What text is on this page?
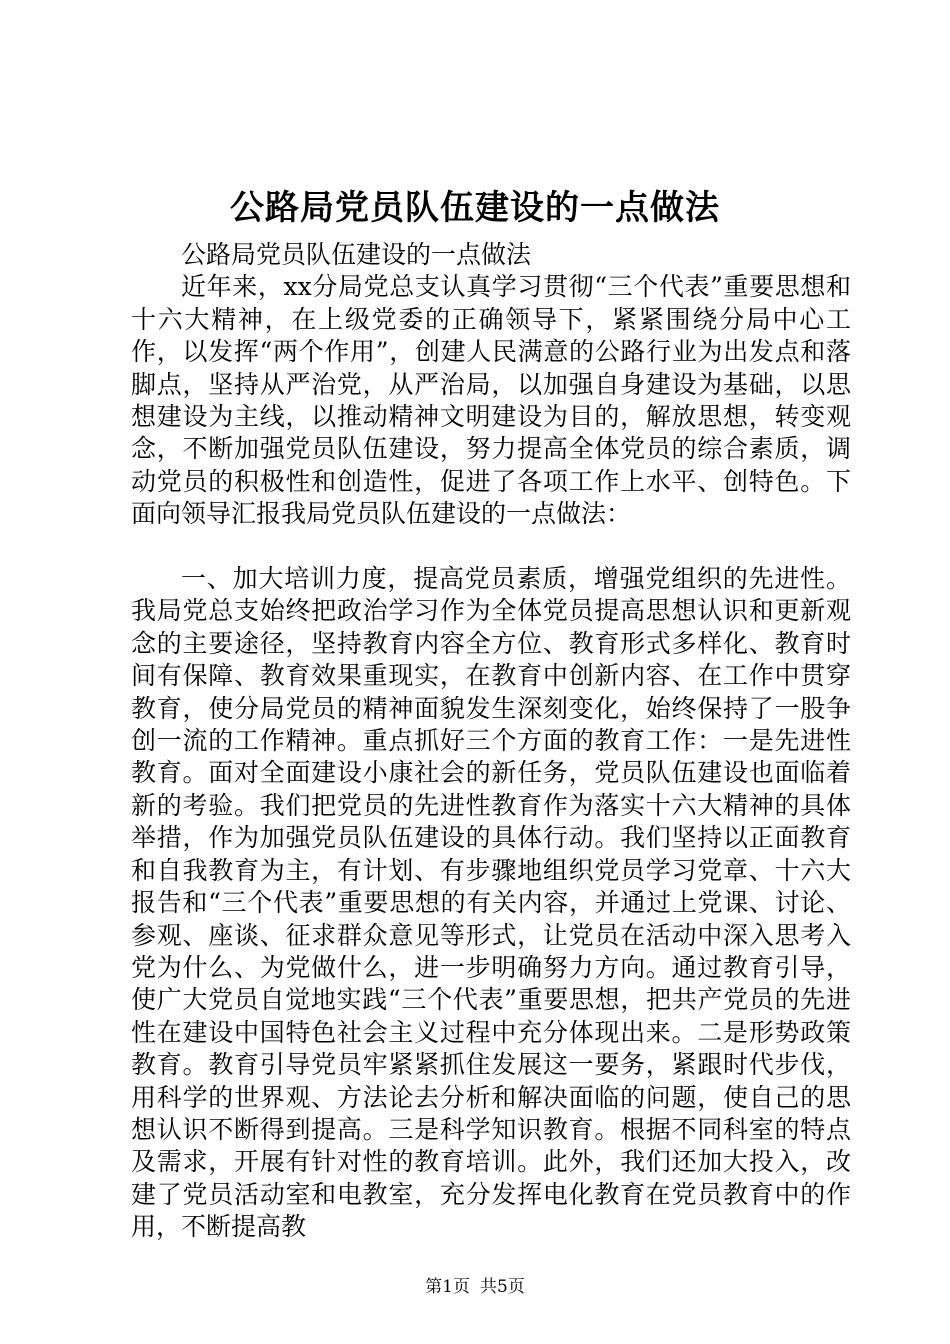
公路局党员队伍建设的一点做法

公路局党员队伍建设的一点做法

近年来，xx分局党总支认真学习贯彻“三个代表”重要思想和十六大精神，在上级党委的正确领导下，紧紧围绕分局中心工作，以发挥“两个作用”，创建人民满意的公路行业为出发点和落脚点，坚持从严治党，从严治局，以加强自身建设为基础，以思想建设为主线，以推动精神文明建设为目的，解放思想，转变观念，不断加强党员队伍建设，努力提高全体党员的综合素质，调动党员的积极性和创造性，促进了各项工作上水平、创特色。下面向领导汇报我局党员队伍建设的一点做法：

一、加大培训力度，提高党员素质，增强党组织的先进性。我局党总支始终把政治学习作为全体党员提高思想认识和更新观念的主要途径，坚持教育内容全方位、教育形式多样化、教育时间有保障、教育效果重现实，在教育中创新内容、在工作中贯穿教育，使分局党员的精神面貌发生深刻变化，始终保持了一股争创一流的工作精神。重点抓好三个方面的教育工作：一是先进性教育。面对全面建设小康社会的新任务，党员队伍建设也面临着新的考验。我们把党员的先进性教育作为落实十六大精神的具体举措，作为加强党员队伍建设的具体行动。我们坚持以正面教育和自我教育为主，有计划、有步骤地组织党员学习党章、十六大报告和“三个代表”重要思想的有关内容，并通过上党课、讨论、参观、座谈、征求群众意见等形式，让党员在活动中深入思考入党为什么、为党做什么，进一步明确努力方向。通过教育引导，使广大党员自觉地实践“三个代表”重要思想，把共产党员的先进性在建设中国特色社会主义过程中充分体现出来。二是形势政策教育。教育引导党员牢紧紧抓住发展这一要务，紧跟时代步伐，用科学的世界观、方法论去分析和解决面临的问题，使自己的思想认识不断得到提高。三是科学知识教育。根据不同科室的特点及需求，开展有针对性的教育培训。此外，我们还加大投入，改建了党员活动室和电教室，充分发挥电化教育在党员教育中的作用，不断提高教

第1页 共5页
